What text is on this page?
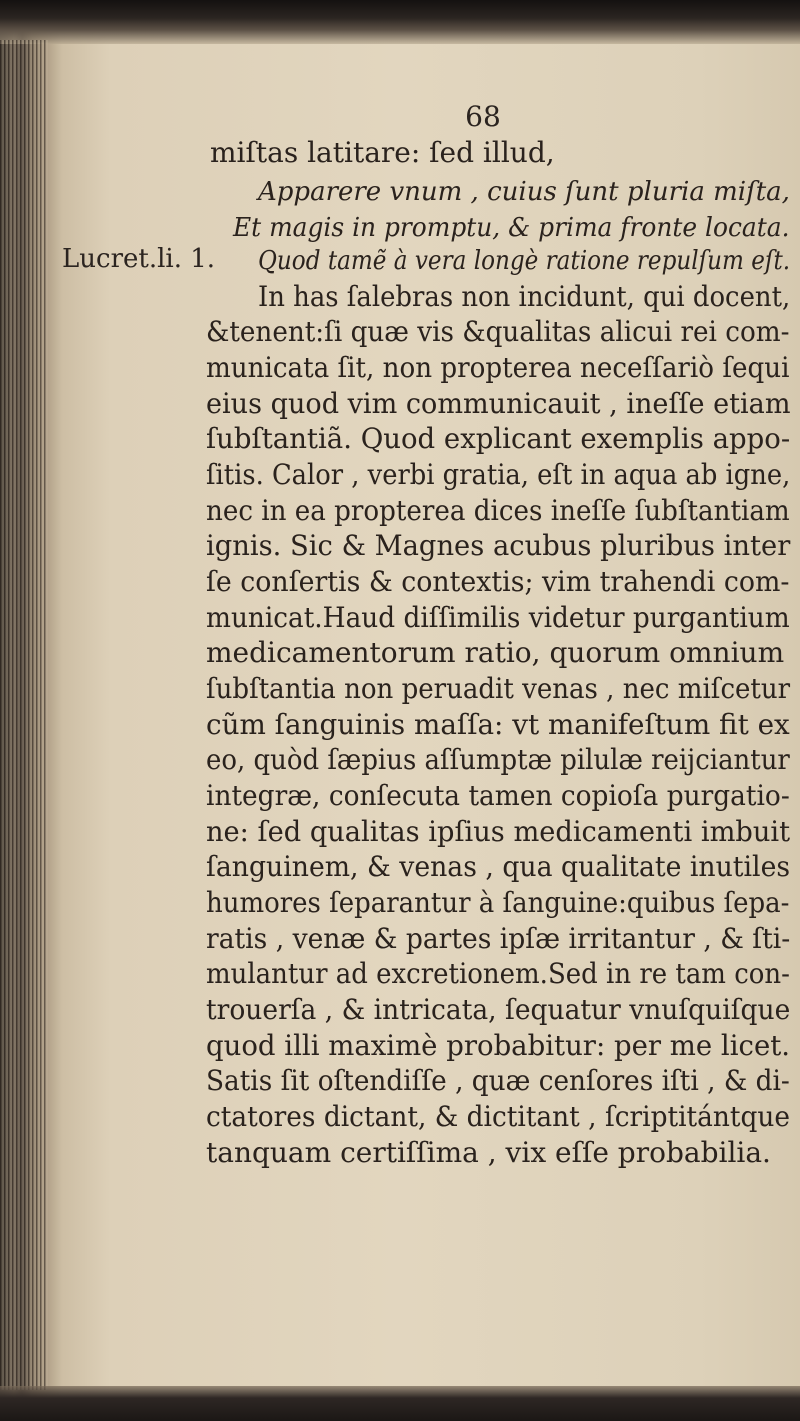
68
Lucret.li. 1.
miſtas latitare: ſed illud,
Apparere vnum , cuius ſunt pluria miſta,
Et magis in promptu, & prima fronte locata.
Quod tamẽ à vera longè ratione repulſum eſt.
In has ſalebras non incidunt, qui docent,
&tenent:ſi quæ vis &qualitas alicui rei com-
municata ſit, non propterea neceſſariò ſequi
eius quod vim communicauit , ineſſe etiam
ſubſtantiã. Quod explicant exemplis appo-
ſitis. Calor , verbi gratia, eſt in aqua ab igne,
nec in ea propterea dices ineſſe ſubſtantiam
ignis. Sic & Magnes acubus pluribus inter
ſe conſertis & contextis; vim trahendi com-
municat.Haud diſſimilis videtur purgantium
medicamentorum ratio, quorum omnium
ſubſtantia non peruadit venas , nec miſcetur
cũm ſanguinis maſſa: vt manifeſtum fit ex
eo, quòd ſæpius aſſumptæ pilulæ reijciantur
integræ, conſecuta tamen copioſa purgatio-
ne: ſed qualitas ipſius medicamenti imbuit
ſanguinem, & venas , qua qualitate inutiles
humores ſeparantur à ſanguine:quibus ſepa-
ratis , venæ & partes ipſæ irritantur , & ſti-
mulantur ad excretionem.Sed in re tam con-
trouerſa , & intricata, ſequatur vnuſquiſque
quod illi maximè probabitur: per me licet.
Satis ſit oſtendiſſe , quæ cenſores iſti , & di-
ctatores dictant, & dictitant , ſcriptitántque
tanquam certiſſima , vix eſſe probabilia.
